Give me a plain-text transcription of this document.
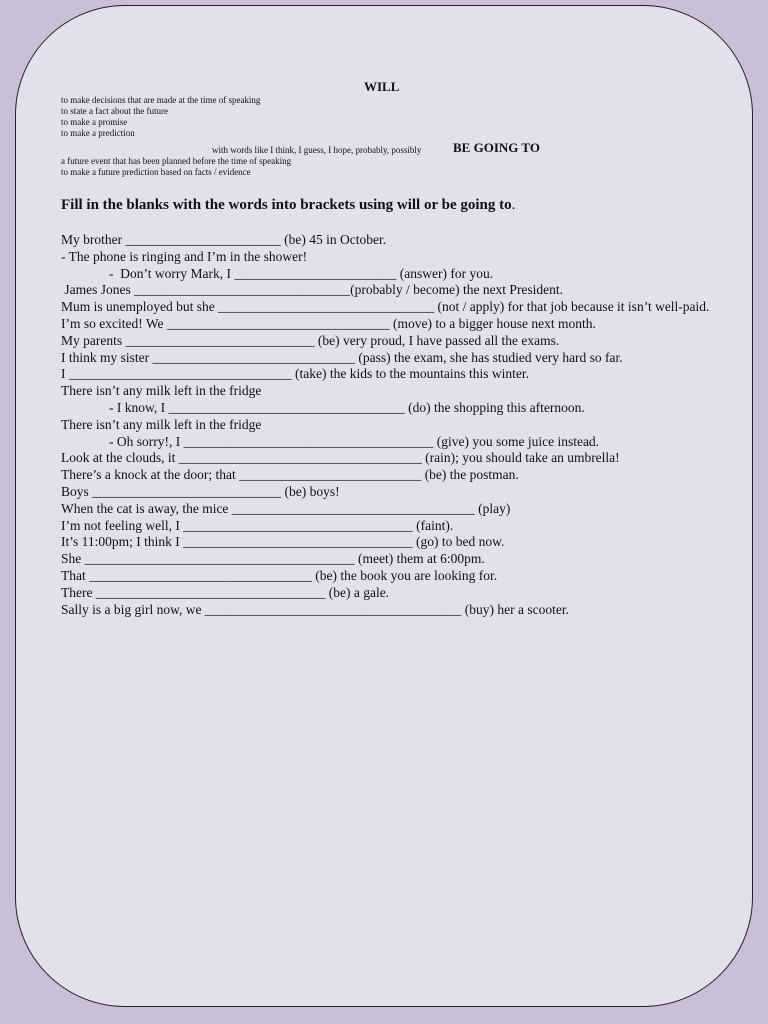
WILL
to make decisions that are made at the time of speaking
to state a fact about the future
to make a promise
to make a prediction
with words like I think, I guess, I hope, probably, possibly BE GOING TO
a future event that has been planned before the time of speaking
to make a future prediction based on facts / evidence
Fill in the blanks with the words into brackets using will or be going to.
My brother _______________________ (be) 45 in October.
- The phone is ringing and I’m in the shower!
-  Don’t worry Mark, I ________________________ (answer) for you.
James Jones ________________________________(probably / become) the next President.
Mum is unemployed but she ________________________________ (not / apply) for that job because it isn’t well-paid.
I’m so excited! We _________________________________ (move) to a bigger house next month.
My parents ____________________________ (be) very proud, I have passed all the exams.
I think my sister ______________________________ (pass) the exam, she has studied very hard so far.
I _________________________________ (take) the kids to the mountains this winter.
There isn’t any milk left in the fridge
- I know, I ___________________________________ (do) the shopping this afternoon.
There isn’t any milk left in the fridge
- Oh sorry!, I _____________________________________ (give) you some juice instead.
Look at the clouds, it ____________________________________ (rain); you should take an umbrella!
There’s a knock at the door; that ___________________________ (be) the postman.
Boys ____________________________ (be) boys!
When the cat is away, the mice ____________________________________ (play)
I’m not feeling well, I __________________________________ (faint).
It’s 11:00pm; I think I __________________________________ (go) to bed now.
She ________________________________________ (meet) them at 6:00pm.
That _________________________________ (be) the book you are looking for.
There __________________________________ (be) a gale.
Sally is a big girl now, we ______________________________________ (buy) her a scooter.
